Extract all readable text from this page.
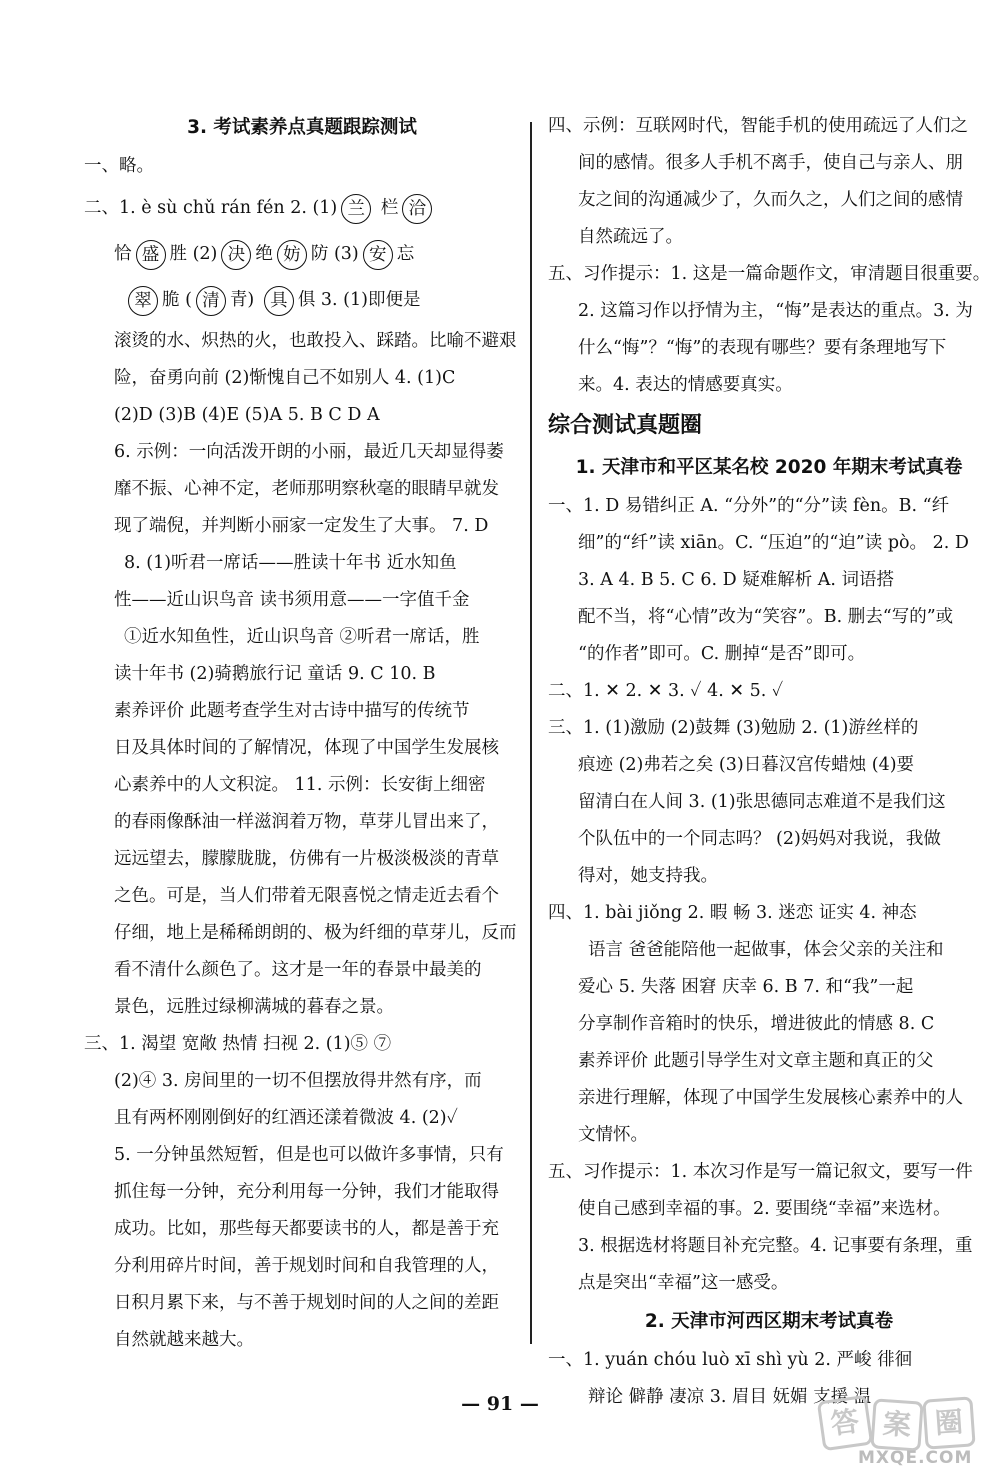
3. 考试素养点真题跟踪测试
一、略。
二、1. è sù chǔ rán fén 2. (1) 兰 栏 洽
恰 盛 胜 (2) 决 绝 妨 防 (3) 安 忘
翠 脆 ( 清 青) 具 俱 3. (1)即便是
滚烫的水、炽热的火，也敢投入、踩踏。比喻不避艰
险，奋勇向前 (2)惭愧自己不如别人 4. (1)C
(2)D (3)B (4)E (5)A 5. B C D A
6. 示例：一向活泼开朗的小丽，最近几天却显得萎
靡不振、心神不定，老师那明察秋毫的眼睛早就发
现了端倪，并判断小丽家一定发生了大事。 7. D
8. (1)听君一席话——胜读十年书 近水知鱼
性——近山识鸟音 读书须用意——一字值千金
①近水知鱼性，近山识鸟音 ②听君一席话，胜
读十年书 (2)骑鹅旅行记 童话 9. C 10. B
素养评价 此题考查学生对古诗中描写的传统节
日及具体时间的了解情况，体现了中国学生发展核
心素养中的人文积淀。 11. 示例：长安街上细密
的春雨像酥油一样滋润着万物，草芽儿冒出来了，
远远望去，朦朦胧胧，仿佛有一片极淡极淡的青草
之色。可是，当人们带着无限喜悦之情走近去看个
仔细，地上是稀稀朗朗的、极为纤细的草芽儿，反而
看不清什么颜色了。这才是一年的春景中最美的
景色，远胜过绿柳满城的暮春之景。
三、1. 渴望 宽敞 热情 扫视 2. (1)⑤ ⑦
(2)④ 3. 房间里的一切不但摆放得井然有序，而
且有两杯刚刚倒好的红酒还漾着微波 4. (2)✓
5. 一分钟虽然短暂，但是也可以做许多事情，只有
抓住每一分钟，充分利用每一分钟，我们才能取得
成功。比如，那些每天都要读书的人，都是善于充
分利用碎片时间，善于规划时间和自我管理的人，
日积月累下来，与不善于规划时间的人之间的差距
自然就越来越大。
四、示例：互联网时代，智能手机的使用疏远了人们之
间的感情。很多人手机不离手，使自己与亲人、朋
友之间的沟通减少了，久而久之，人们之间的感情
自然疏远了。
五、习作提示：1. 这是一篇命题作文，审清题目很重要。
2. 这篇习作以抒情为主，“悔”是表达的重点。3. 为
什么“悔”？“悔”的表现有哪些？要有条理地写下
来。4. 表达的情感要真实。
综合测试真题圈
1. 天津市和平区某名校 2020 年期末考试真卷
一、1. D 易错纠正 A. “分外”的“分”读 fèn。B. “纤
细”的“纤”读 xiān。C. “压迫”的“迫”读 pò。 2. D
3. A 4. B 5. C 6. D 疑难解析 A. 词语搭
配不当，将“心情”改为“笑容”。B. 删去“写的”或
“的作者”即可。C. 删掉“是否”即可。
二、1. ✕ 2. ✕ 3. ✓ 4. ✕ 5. ✓
三、1. (1)激励 (2)鼓舞 (3)勉励 2. (1)游丝样的
痕迹 (2)弗若之矣 (3)日暮汉宫传蜡烛 (4)要
留清白在人间 3. (1)张思德同志难道不是我们这
个队伍中的一个同志吗？ (2)妈妈对我说，我做
得对，她支持我。
四、1. bài jiǒng 2. 暇 畅 3. 迷恋 证实 4. 神态
语言 爸爸能陪他一起做事，体会父亲的关注和
爱心 5. 失落 困窘 庆幸 6. B 7. 和“我”一起
分享制作音箱时的快乐，增进彼此的情感 8. C
素养评价 此题引导学生对文章主题和真正的父
亲进行理解，体现了中国学生发展核心素养中的人
文情怀。
五、习作提示：1. 本次习作是写一篇记叙文，要写一件
使自己感到幸福的事。2. 要围绕“幸福”来选材。
3. 根据选材将题目补充完整。4. 记事要有条理，重
点是突出“幸福”这一感受。
2. 天津市河西区期末考试真卷
一、1. yuán chóu luò xī shì yù 2. 严峻 徘徊
辩论 僻静 凄凉 3. 眉目 妩媚 支援 温
— 91 —
答 案 圈
MXQE.COM
